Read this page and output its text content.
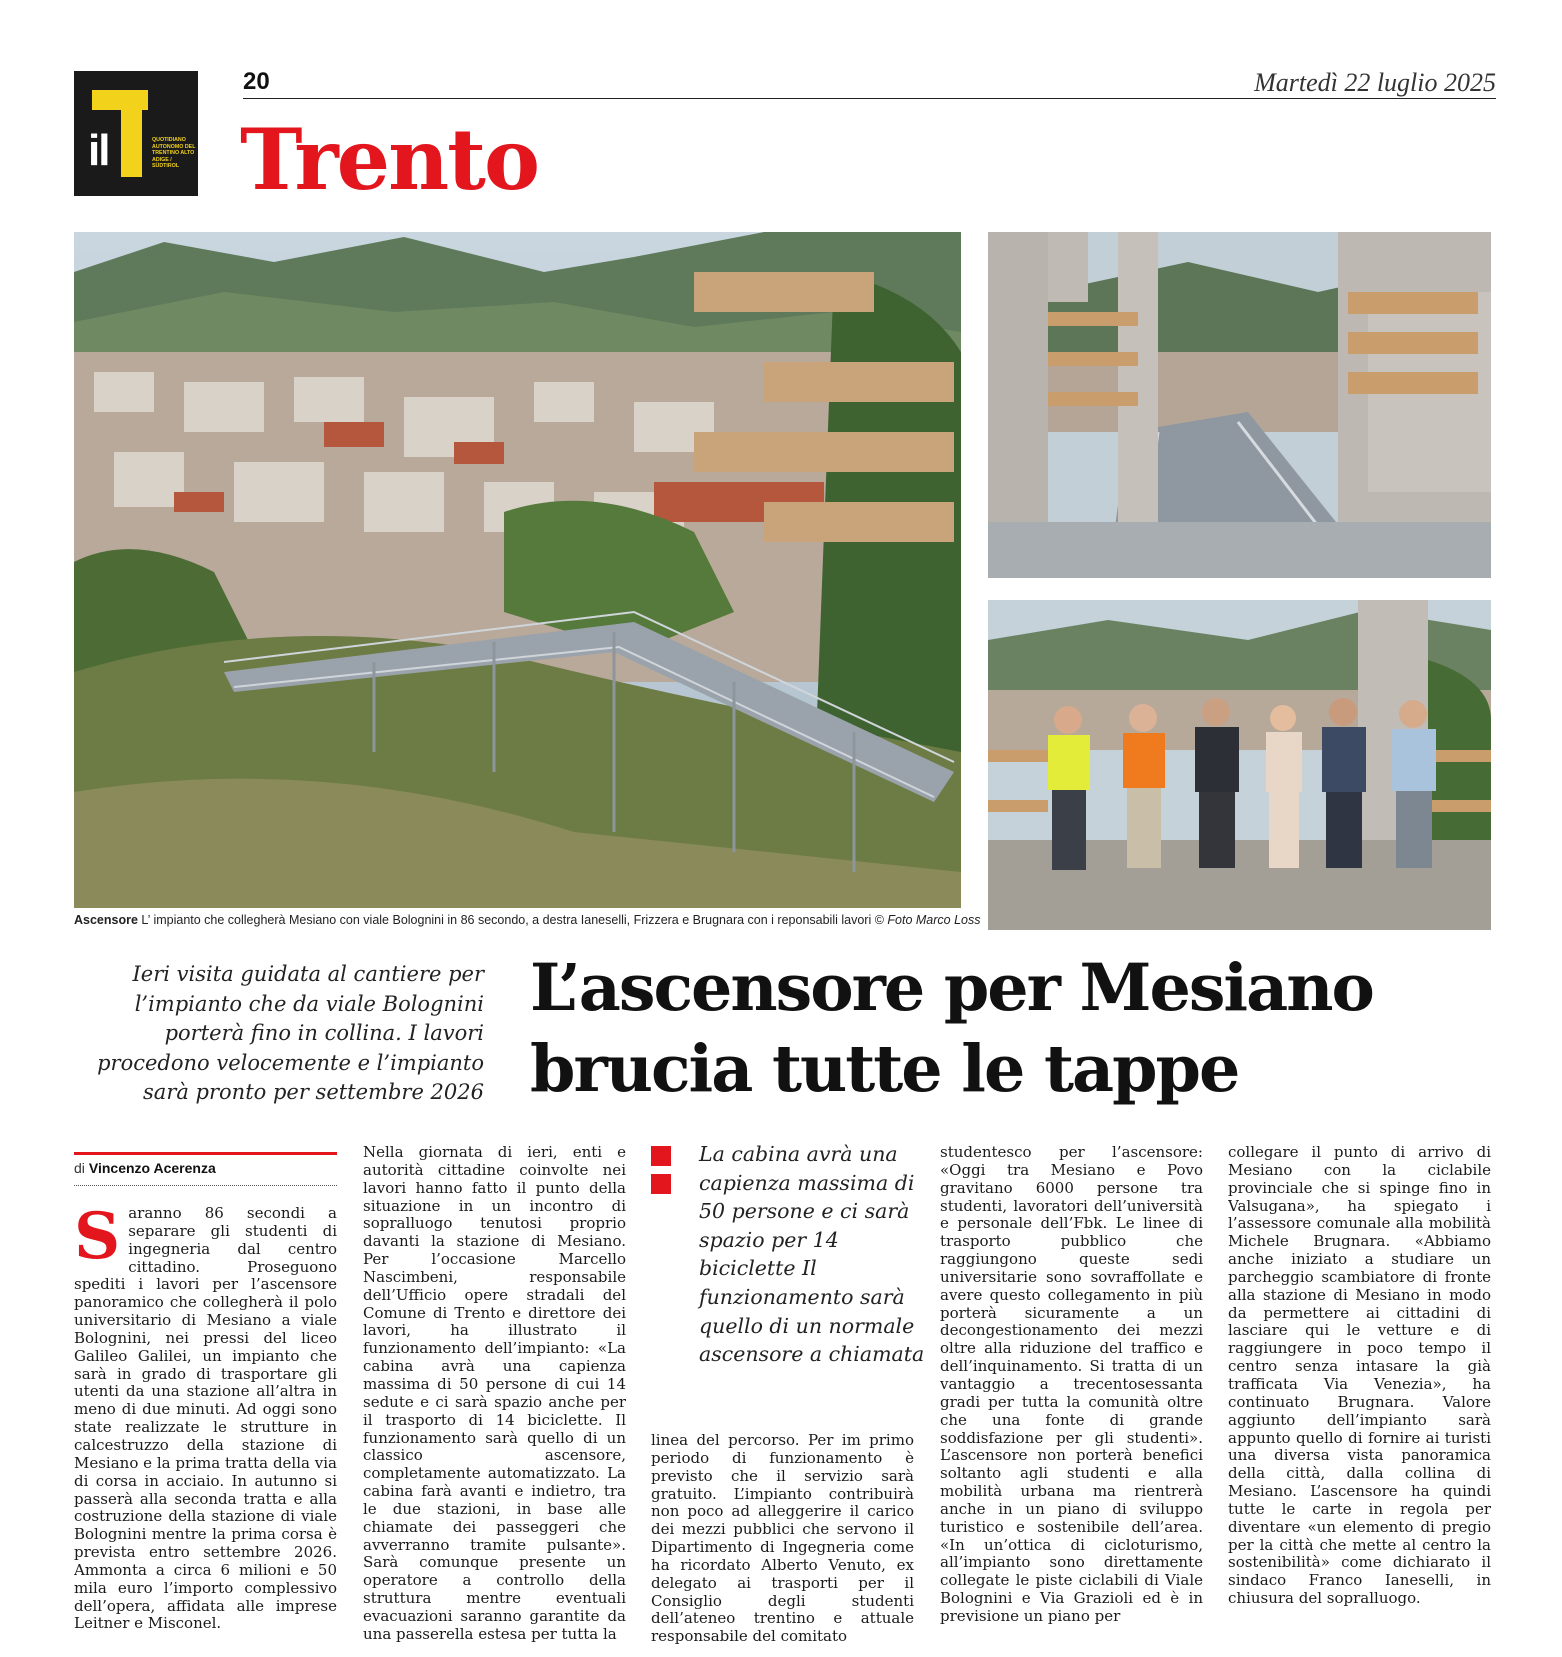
il	QUOTIDIANO AUTONOMO DEL TRENTINO ALTO ADIGE / SÜDTIROL
20	Martedì 22 luglio 2025
Trento
Ascensore L’ impianto che collegherà Mesiano con viale Bolognini in 86 secondo, a destra Ianeselli, Frizzera e Brugnara con i reponsabili lavori © Foto Marco Loss
Ieri visita guidata al cantiere per
l’impianto che da viale Bolognini
porterà fino in collina. I lavori
procedono velocemente e l’impianto
sarà pronto per settembre 2026
L’ascensore per Mesiano
brucia tutte le tappe
di Vincenzo Acerenza
Saranno 86 secondi a separare gli studenti di ingegneria dal centro cittadino. Proseguono spediti i lavori per l’ascensore panoramico che collegherà il polo universitario di Mesiano a viale Bolognini, nei pressi del liceo Galileo Galilei, un impianto che sarà in grado di trasportare gli utenti da una stazione all’altra in meno di due minuti. Ad oggi sono state realizzate le strutture in calcestruzzo della stazione di Mesiano e la prima tratta della via di corsa in acciaio. In autunno si passerà alla seconda tratta e alla costruzione della stazione di viale Bolognini mentre la prima corsa è prevista entro settembre 2026. Ammonta a circa 6 milioni e 50 mila euro l’importo complessivo dell’opera, affidata alle imprese Leitner e Misconel.
Nella giornata di ieri, enti e autorità cittadine coinvolte nei lavori hanno fatto il punto della situazione in un incontro di sopralluogo tenutosi proprio davanti la stazione di Mesiano. Per l’occasione Marcello Nascimbeni, responsabile dell’Ufficio opere stradali del Comune di Trento e direttore dei lavori, ha illustrato il funzionamento dell’impianto: «La cabina avrà una capienza massima di 50 persone di cui 14 sedute e ci sarà spazio anche per il trasporto di 14 biciclette. Il funzionamento sarà quello di un classico ascensore, completamente automatizzato. La cabina farà avanti e indietro, tra le due stazioni, in base alle chiamate dei passeggeri che avverranno tramite pulsante». Sarà comunque presente un operatore a controllo della struttura mentre eventuali evacuazioni saranno garantite da una passerella estesa per tutta la
La cabina avrà una capienza massima di 50 persone e ci sarà spazio per 14 biciclette Il funzionamento sarà quello di un normale ascensore a chiamata
linea del percorso. Per im primo periodo di funzionamento è previsto che il servizio sarà gratuito. L’impianto contribuirà non poco ad alleggerire il carico dei mezzi pubblici che servono il Dipartimento di Ingegneria come ha ricordato Alberto Venuto, ex delegato ai trasporti per il Consiglio degli studenti dell’ateneo trentino e attuale responsabile del comitato
studentesco per l’ascensore: «Oggi tra Mesiano e Povo gravitano 6000 persone tra studenti, lavoratori dell’università e personale dell’Fbk. Le linee di trasporto pubblico che raggiungono queste sedi universitarie sono sovraffollate e avere questo collegamento in più porterà sicuramente a un decongestionamento dei mezzi oltre alla riduzione del traffico e dell’inquinamento. Si tratta di un vantaggio a trecentosessanta gradi per tutta la comunità oltre che una fonte di grande soddisfazione per gli studenti». L’ascensore non porterà benefici soltanto agli studenti e alla mobilità urbana ma rientrerà anche in un piano di sviluppo turistico e sostenibile dell’area. «In un’ottica di cicloturismo, all’impianto sono direttamente collegate le piste ciclabili di Viale Bolognini e Via Grazioli ed è in previsione un piano per
collegare il punto di arrivo di Mesiano con la ciclabile provinciale che si spinge fino in Valsugana», ha spiegato i l’assessore comunale alla mobilità Michele Brugnara. «Abbiamo anche iniziato a studiare un parcheggio scambiatore di fronte alla stazione di Mesiano in modo da permettere ai cittadini di lasciare qui le vetture e di raggiungere in poco tempo il centro senza intasare la già trafficata Via Venezia», ha continuato Brugnara. Valore aggiunto dell’impianto sarà appunto quello di fornire ai turisti una diversa vista panoramica della città, dalla collina di Mesiano. L’ascensore ha quindi tutte le carte in regola per diventare «un elemento di pregio per la città che mette al centro la sostenibilità» come dichiarato il sindaco Franco Ianeselli, in chiusura del sopralluogo.
